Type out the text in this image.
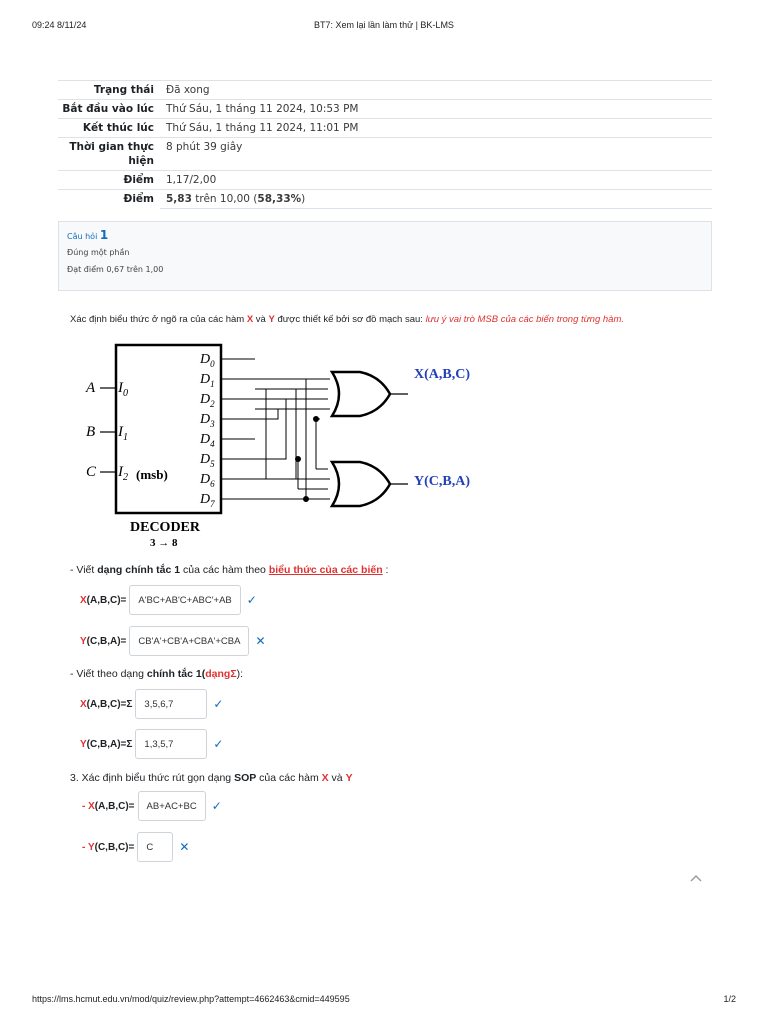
09:24 8/11/24	BT7: Xem lại lần làm thử | BK-LMS
Trạng thái	Đã xong
Bắt đầu vào lúc	Thứ Sáu, 1 tháng 11 2024, 10:53 PM
Kết thúc lúc	Thứ Sáu, 1 tháng 11 2024, 11:01 PM
Thời gian thực hiện	8 phút 39 giây
Điểm	1,17/2,00
Điểm	5,83 trên 10,00 (58,33%)
Câu hỏi 1
Đúng một phần
Đạt điểm 0,67 trên 1,00
Xác định biểu thức ở ngõ ra của các hàm X và Y được thiết kế bởi sơ đồ mạch sau: lưu ý vai trò MSB của các biến trong từng hàm.
A
B
C
$I_0$
$I_1$
$I_2$ (msb)
$D_0$
$D_1$
$D_2$
$D_3$
$D_4$
$D_5$
$D_6$
$D_7$
X(A,B,C)
Y(C,B,A)
DECODER
3 → 8
- Viết dạng chính tắc 1 của các hàm theo biểu thức của các biến :
X(A,B,C)=	A'BC+AB'C+ABC'+AB	✓
Y(C,B,A)=	CB'A'+CB'A+CBA'+CBA	✕
- Viết theo dạng chính tắc 1(dạngΣ):
X(A,B,C)=Σ	3,5,6,7	✓
Y(C,B,A)=Σ	1,3,5,7	✓
3. Xác định biểu thức rút gọn dạng SOP của các hàm X và Y
- X(A,B,C)=	AB+AC+BC	✓
- Y(C,B,C)=	C	✕
https://lms.hcmut.edu.vn/mod/quiz/review.php?attempt=4662463&cmid=449595	1/2
